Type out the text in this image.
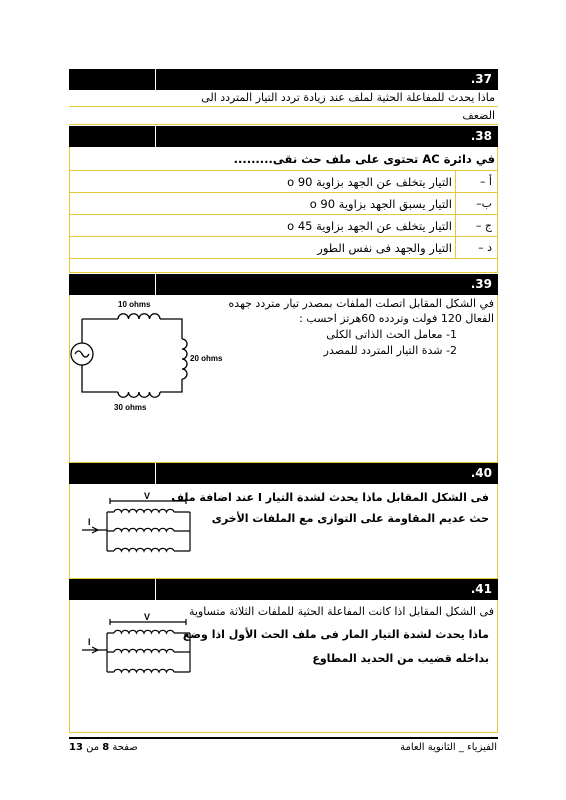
.37
ماذا يحدث للمفاعلة الحثية لملف عند زيادة تردد التيار المتردد الى
الضعف
.38
في دائرة AC تحتوى على ملف حث نقى.........
أ –
التيار يتخلف عن الجهد بزاوية o 90
ب–
التيار يسبق الجهد بزاوية o 90
ج –
التيار يتخلف عن الجهد بزاوية o 45
د –
التيار والجهد فى نفس الطور
.39
في الشكل المقابل اتصلت الملفات بمصدر تيار متردد جهده
الفعال 120 فولت وتردده 60هرتز احسب :
1- معامل الحث الذاتى الكلى
2- شدة التيار المتردد للمصدر
10 ohms
20 ohms
30 ohms
.40
فى الشكل المقابل ماذا يحدث لشدة التيار I عند اضافة ملف
حث عديم المقاومة على التوازى مع الملفات الأخرى
V
I
.41
فى الشكل المقابل اذا كانت المفاعلة الحثية للملفات الثلاثة متساوية
ماذا يحدث لشدة التيار المار فى ملف الحث الأول اذا وضع
بداخله قضيب من الحديد المطاوع
V
I
الفيزياء _ الثانوية العامة
صفحة 8 من 13
